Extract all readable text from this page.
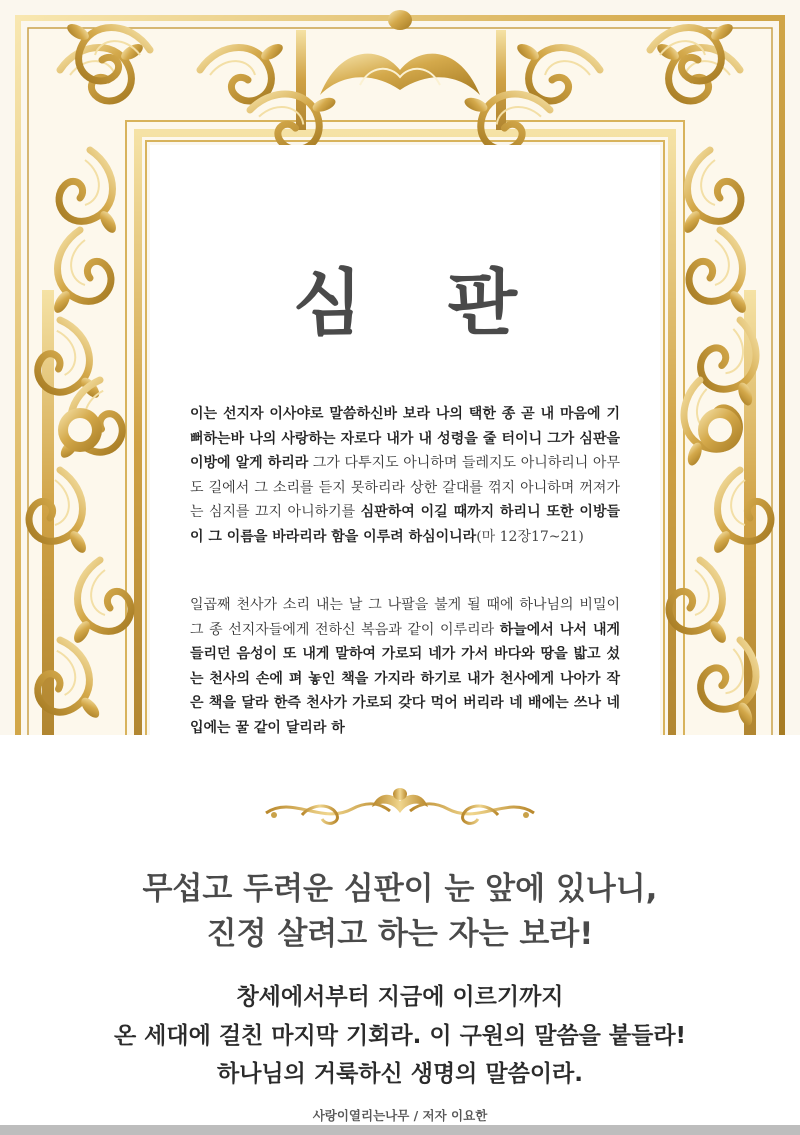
심 판

이는 선지자 이사야로 말씀하신바 보라 나의 택한 종 곧 내 마음에 기뻐하는바 나의 사랑하는 자로다 내가 내 성령을 줄 터이니 그가 심판을 이방에 알게 하리라 그가 다투지도 아니하며 들레지도 아니하리니 아무도 길에서 그 소리를 듣지 못하리라 상한 갈대를 꺾지 아니하며 꺼져가는 심지를 끄지 아니하기를 심판하여 이길 때까지 하리니 또한 이방들이 그 이름을 바라리라 함을 이루려 하심이니라(마 12장17~21)

일곱째 천사가 소리 내는 날 그 나팔을 불게 될 때에 하나님의 비밀이 그 종 선지자들에게 전하신 복음과 같이 이루리라 하늘에서 나서 내게 들리던 음성이 또 내게 말하여 가로되 네가 가서 바다와 땅을 밟고 섰는 천사의 손에 펴 놓인 책을 가지라 하기로 내가 천사에게 나아가 작은 책을 달라 한즉 천사가 가로되 갖다 먹어 버리라 네 배에는 쓰나 네 입에는 꿀 같이 달리라 하

무섭고 두려운 심판이 눈 앞에 있나니,

진정 살려고 하는 자는 보라!

창세에서부터 지금에 이르기까지

온 세대에 걸친 마지막 기회라. 이 구원의 말씀을 붙들라!

하나님의 거룩하신 생명의 말씀이라.

사랑이열리는나무 / 저자 이요한
